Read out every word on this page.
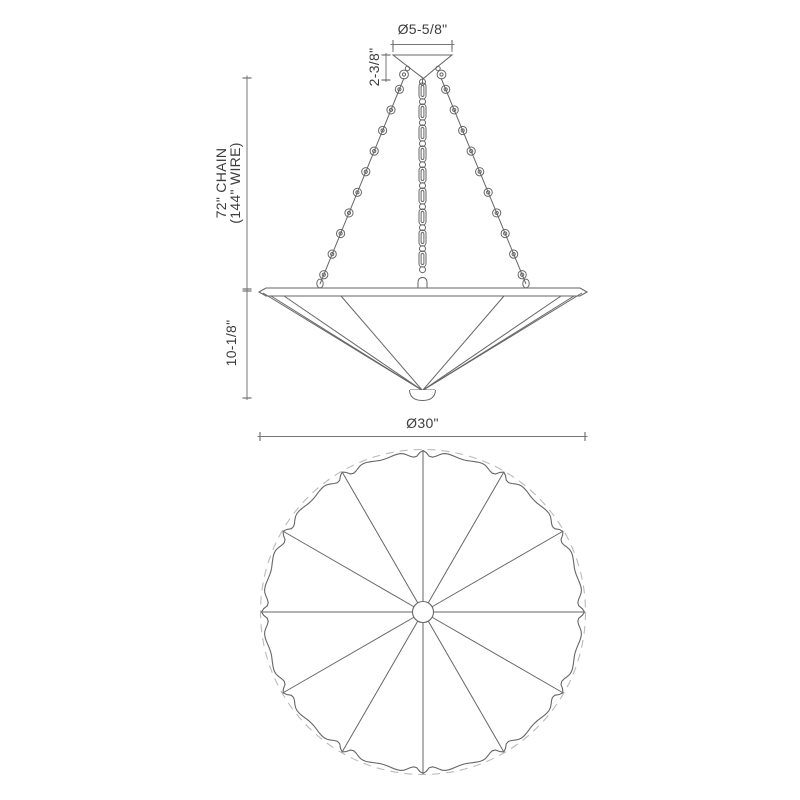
Ø5-5/8"
2-3/8"
72" CHAIN
(144" WIRE)
10-1/8"
Ø30"
